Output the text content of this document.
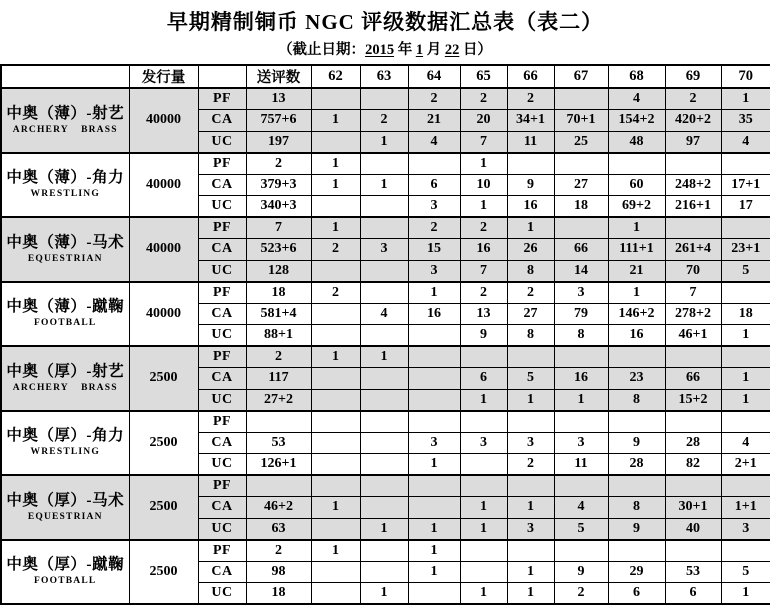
早期精制铜币 NGC 评级数据汇总表（表二）
（截止日期：2015 年 1 月 22 日）
	发行量		送评数	62	63	64	65	66	67	68	69	70

中奥（薄）-射艺
ARCHERY BRASS	40000	PF	13			2	2	2		4	2	1
		CA	757+6	1	2	21	20	34+1	70+1	154+2	420+2	35
		UC	197		1	4	7	11	25	48	97	4

中奥（薄）-角力
WRESTLING	40000	PF	2	1			1					
		CA	379+3	1	1	6	10	9	27	60	248+2	17+1
		UC	340+3			3	1	16	18	69+2	216+1	17

中奥（薄）-马术
EQUESTRIAN	40000	PF	7	1		2	2	1		1		
		CA	523+6	2	3	15	16	26	66	111+1	261+4	23+1
		UC	128			3	7	8	14	21	70	5

中奥（薄）-蹴鞠
FOOTBALL	40000	PF	18	2		1	2	2	3	1	7	
		CA	581+4		4	16	13	27	79	146+2	278+2	18
		UC	88+1				9	8	8	16	46+1	1

中奥（厚）-射艺
ARCHERY BRASS	2500	PF	2	1	1							
		CA	117				6	5	16	23	66	1
		UC	27+2				1	1	1	8	15+2	1

中奥（厚）-角力
WRESTLING	2500	PF										
		CA	53			3	3	3	3	9	28	4
		UC	126+1			1		2	11	28	82	2+1

中奥（厚）-马术
EQUESTRIAN	2500	PF										
		CA	46+2	1			1	1	4	8	30+1	1+1
		UC	63		1	1	1	3	5	9	40	3

中奥（厚）-蹴鞠
FOOTBALL	2500	PF	2	1		1						
		CA	98			1		1	9	29	53	5
		UC	18		1		1	1	2	6	6	1
